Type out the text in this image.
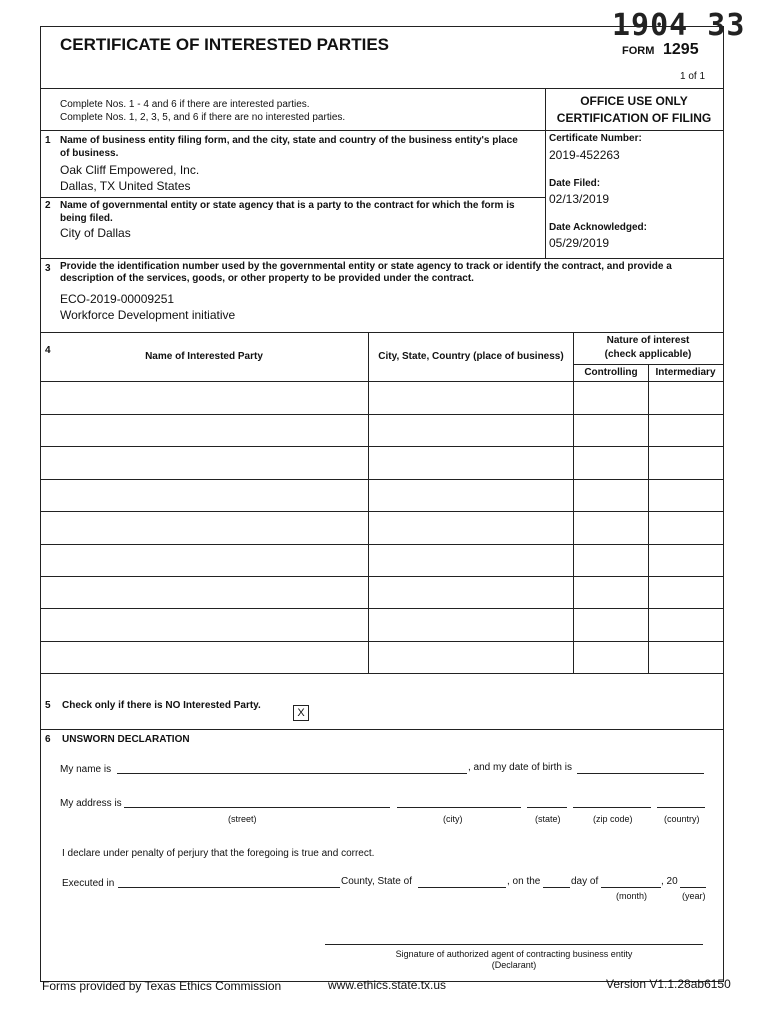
1904 33
CERTIFICATE OF INTERESTED PARTIES	FORM 1295
1 of 1
Complete Nos. 1 - 4 and 6 if there are interested parties.
Complete Nos. 1, 2, 3, 5, and 6 if there are no interested parties.
OFFICE USE ONLY
CERTIFICATION OF FILING
Certificate Number:
2019-452263
Date Filed:
02/13/2019
Date Acknowledged:
05/29/2019
1 Name of business entity filing form, and the city, state and country of the business entity's place
of business.
Oak Cliff Empowered, Inc.
Dallas, TX United States
2 Name of governmental entity or state agency that is a party to the contract for which the form is
being filed.
City of Dallas
3 Provide the identification number used by the governmental entity or state agency to track or identify the contract, and provide a
description of the services, goods, or other property to be provided under the contract.
ECO-2019-00009251
Workforce Development initiative
4
Name of Interested Party	City, State, Country (place of business)
Nature of interest
(check applicable)
Controlling	Intermediary
5 Check only if there is NO Interested Party.
X
6 UNSWORN DECLARATION
My name is	, and my date of birth is
My address is
(street)	(city)	(state)	(zip code)	(country)
I declare under penalty of perjury that the foregoing is true and correct.
Executed in	County, State of	, on the	day of	, 20
(month)	(year)
Signature of authorized agent of contracting business entity
(Declarant)
Forms provided by Texas Ethics Commission	www.ethics.state.tx.us	Version V1.1.28ab6150
